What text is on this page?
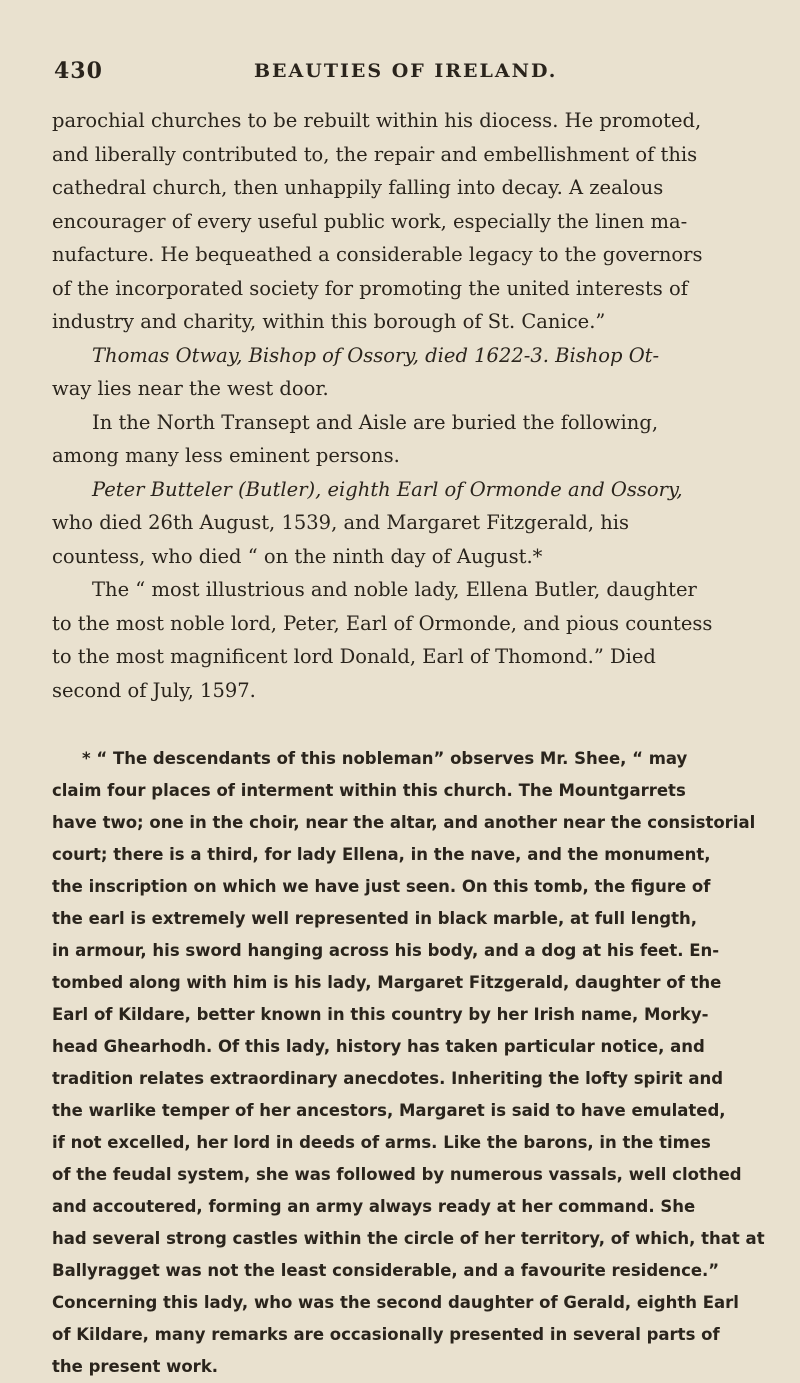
430	BEAUTIES OF IRELAND.

parochial churches to be rebuilt within his diocess. He promoted,
and liberally contributed to, the repair and embellishment of this
cathedral church, then unhappily falling into decay. A zealous
encourager of every useful public work, especially the linen ma-
nufacture. He bequeathed a considerable legacy to the governors
of the incorporated society for promoting the united interests of
industry and charity, within this borough of St. Canice.”

Thomas Otway, Bishop of Ossory, died 1622-3. Bishop Ot-

way lies near the west door.

In the North Transept and Aisle are buried the following,

among many less eminent persons.

Peter Butteler (Butler), eighth Earl of Ormonde and Ossory,
who died 26th August, 1539, and Margaret Fitzgerald, his
countess, who died “ on the ninth day of August.*

The “ most illustrious and noble lady, Ellena Butler, daughter
to the most noble lord, Peter, Earl of Ormonde, and pious countess
to the most magnificent lord Donald, Earl of Thomond.” Died
second of July, 1597.

* “ The descendants of this nobleman” observes Mr. Shee, “ may
claim four places of interment within this church. The Mountgarrets
have two; one in the choir, near the altar, and another near the consistorial
court; there is a third, for lady Ellena, in the nave, and the monument,
the inscription on which we have just seen. On this tomb, the figure of
the earl is extremely well represented in black marble, at full length,
in armour, his sword hanging across his body, and a dog at his feet. En-
tombed along with him is his lady, Margaret Fitzgerald, daughter of the
Earl of Kildare, better known in this country by her Irish name, Morky-
head Ghearhodh. Of this lady, history has taken particular notice, and
tradition relates extraordinary anecdotes. Inheriting the lofty spirit and
the warlike temper of her ancestors, Margaret is said to have emulated,
if not excelled, her lord in deeds of arms. Like the barons, in the times
of the feudal system, she was followed by numerous vassals, well clothed
and accoutered, forming an army always ready at her command. She
had several strong castles within the circle of her territory, of which, that at
Ballyragget was not the least considerable, and a favourite residence.”
Concerning this lady, who was the second daughter of Gerald, eighth Earl
of Kildare, many remarks are occasionally presented in several parts of
the present work.
